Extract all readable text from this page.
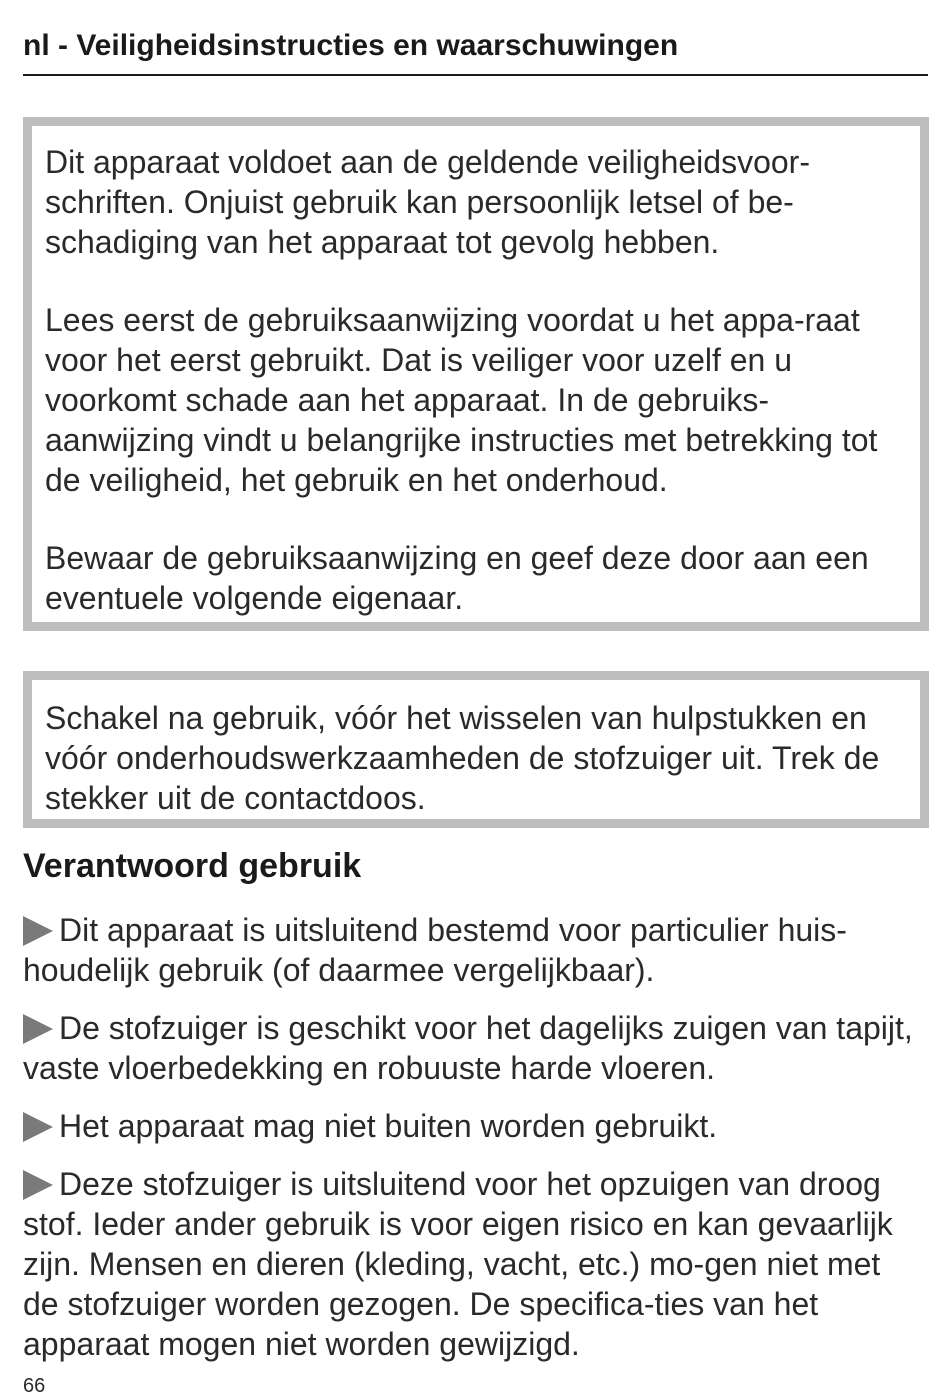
nl - Veiligheidsinstructies en waarschuwingen

Dit apparaat voldoet aan de geldende veiligheidsvoor-schriften. Onjuist gebruik kan persoonlijk letsel of be-schadiging van het apparaat tot gevolg hebben.

Lees eerst de gebruiksaanwijzing voordat u het appa-raat voor het eerst gebruikt. Dat is veiliger voor uzelf en u voorkomt schade aan het apparaat. In de gebruiks-aanwijzing vindt u belangrijke instructies met betrekking tot de veiligheid, het gebruik en het onderhoud.

Bewaar de gebruiksaanwijzing en geef deze door aan een eventuele volgende eigenaar.

Schakel na gebruik, vóór het wisselen van hulpstukken en vóór onderhoudswerkzaamheden de stofzuiger uit. Trek de stekker uit de contactdoos.

Verantwoord gebruik

Dit apparaat is uitsluitend bestemd voor particulier huis-houdelijk gebruik (of daarmee vergelijkbaar).

De stofzuiger is geschikt voor het dagelijks zuigen van tapijt, vaste vloerbedekking en robuuste harde vloeren.

Het apparaat mag niet buiten worden gebruikt.

Deze stofzuiger is uitsluitend voor het opzuigen van droog stof. Ieder ander gebruik is voor eigen risico en kan gevaarlijk zijn. Mensen en dieren (kleding, vacht, etc.) mo-gen niet met de stofzuiger worden gezogen. De specifica-ties van het apparaat mogen niet worden gewijzigd.

66
